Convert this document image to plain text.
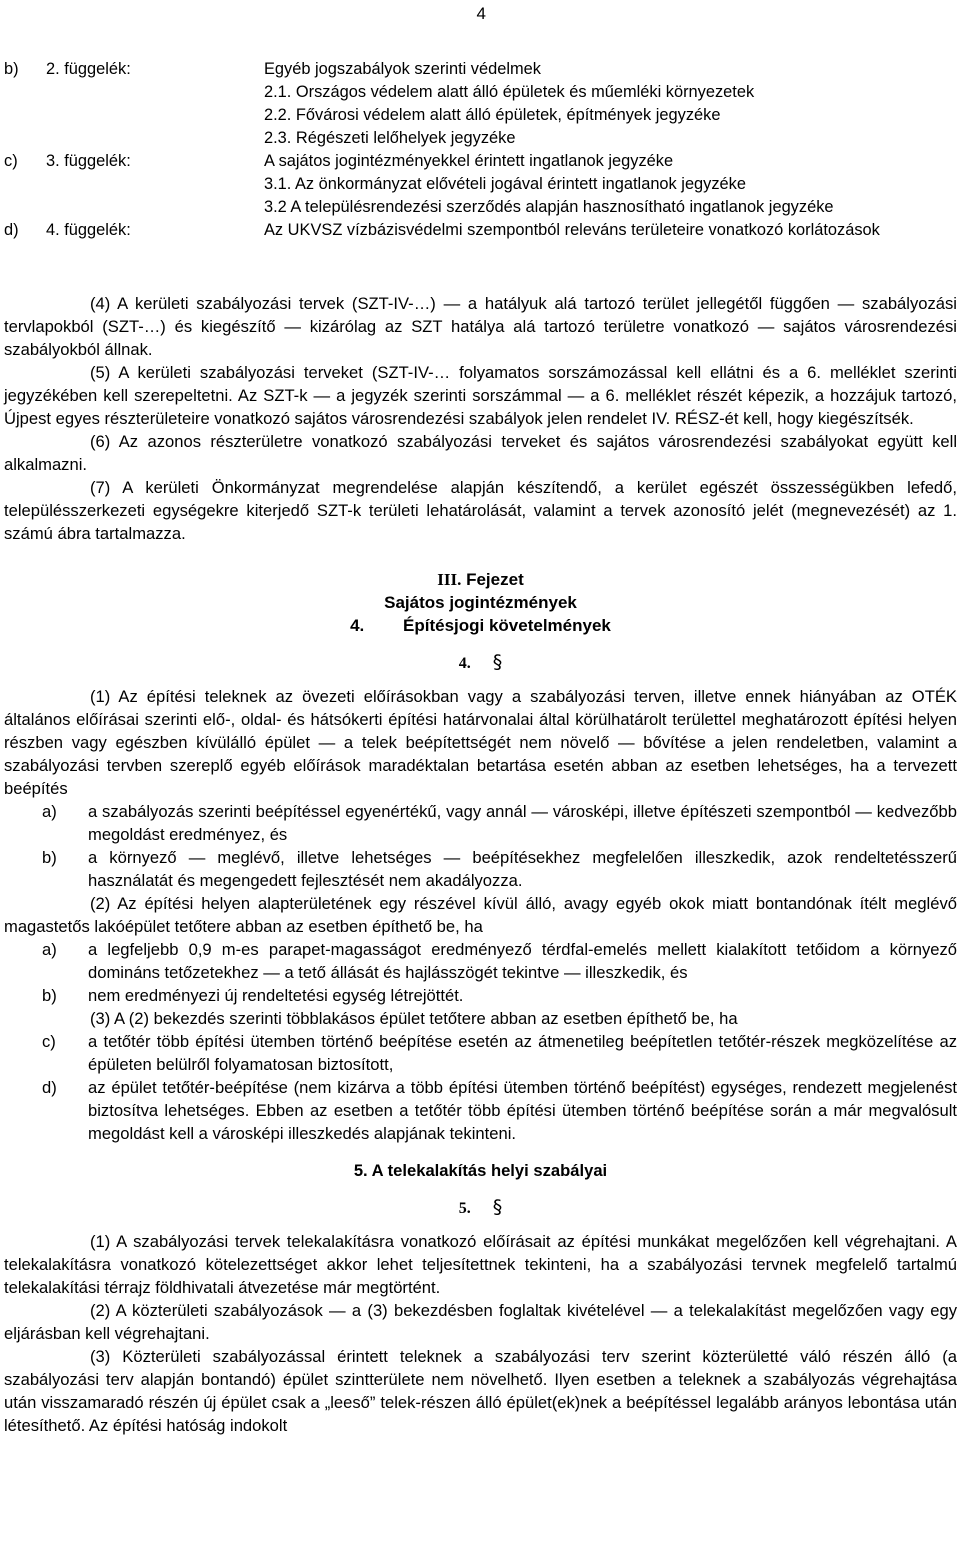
4
b)	2. függelék:	Egyéb jogszabályok szerinti védelmek
2.1. Országos védelem alatt álló épületek és műemléki környezetek
2.2. Fővárosi védelem alatt álló épületek, építmények jegyzéke
2.3. Régészeti lelőhelyek jegyzéke
c)	3. függelék:	A sajátos jogintézményekkel érintett ingatlanok jegyzéke
3.1. Az önkormányzat elővételi jogával érintett ingatlanok jegyzéke
3.2 A településrendezési szerződés alapján hasznosítható ingatlanok jegyzéke
d)	4. függelék:	Az UKVSZ vízbázisvédelmi szempontból releváns területeire vonatkozó korlátozások

(4) A kerületi szabályozási tervek (SZT-IV-…) — a hatályuk alá tartozó terület jellegétől függően — szabályozási tervlapokból (SZT-…) és kiegészítő — kizárólag az SZT hatálya alá tartozó területre vonatkozó — sajátos városrendezési szabályokból állnak.

(5) A kerületi szabályozási terveket (SZT-IV-… folyamatos sorszámozással kell ellátni és a 6. melléklet szerinti jegyzékében kell szerepeltetni. Az SZT-k — a jegyzék szerinti sorszámmal — a 6. melléklet részét képezik, a hozzájuk tartozó, Újpest egyes részterületeire vonatkozó sajátos városrendezési szabályok jelen rendelet IV. RÉSZ-ét kell, hogy kiegészítsék.

(6) Az azonos részterületre vonatkozó szabályozási terveket és sajátos városrendezési szabályokat együtt kell alkalmazni.

(7) A kerületi Önkormányzat megrendelése alapján készítendő, a kerület egészét összességükben lefedő, településszerkezeti egységekre kiterjedő SZT-k területi lehatárolását, valamint a tervek azonosító jelét (megnevezését) az 1. számú ábra tartalmazza.

III. Fejezet
Sajátos jogintézmények
4. Építésjogi követelmények
4. §

(1) Az építési teleknek az övezeti előírásokban vagy a szabályozási terven, illetve ennek hiányában az OTÉK általános előírásai szerinti elő-, oldal- és hátsókerti építési határvonalai által körülhatárolt területtel meghatározott építési helyen részben vagy egészben kívülálló épület — a telek beépítettségét nem növelő — bővítése a jelen rendeletben, valamint a szabályozási tervben szereplő egyéb előírások maradéktalan betartása esetén abban az esetben lehetséges, ha a tervezett beépítés

a)	a szabályozás szerinti beépítéssel egyenértékű, vagy annál — városképi, illetve építészeti szempontból — kedvezőbb megoldást eredményez, és
b)	a környező — meglévő, illetve lehetséges — beépítésekhez megfelelően illeszkedik, azok rendeltetésszerű használatát és megengedett fejlesztését nem akadályozza.

(2) Az építési helyen alapterületének egy részével kívül álló, avagy egyéb okok miatt bontandónak ítélt meglévő magastetős lakóépület tetőtere abban az esetben építhető be, ha

a)	a legfeljebb 0,9 m-es parapet-magasságot eredményező térdfal-emelés mellett kialakított tetőidom a környező domináns tetőzetekhez — a tető állását és hajlásszögét tekintve — illeszkedik, és
b)	nem eredményezi új rendeltetési egység létrejöttét.

(3) A (2) bekezdés szerinti többlakásos épület tetőtere abban az esetben építhető be, ha

c)	a tetőtér több építési ütemben történő beépítése esetén az átmenetileg beépítetlen tetőtér-részek megközelítése az épületen belülről folyamatosan biztosított,
d)	az épület tetőtér-beépítése (nem kizárva a több építési ütemben történő beépítést) egységes, rendezett megjelenést biztosítva lehetséges. Ebben az esetben a tetőtér több építési ütemben történő beépítése során a már megvalósult megoldást kell a városképi illeszkedés alapjának tekinteni.
5. A telekalakítás helyi szabályai
5. §

(1) A szabályozási tervek telekalakításra vonatkozó előírásait az építési munkákat megelőzően kell végrehajtani. A telekalakításra vonatkozó kötelezettséget akkor lehet teljesítettnek tekinteni, ha a szabályozási tervnek megfelelő tartalmú telekalakítási térrajz földhivatali átvezetése már megtörtént.

(2) A közterületi szabályozások — a (3) bekezdésben foglaltak kivételével — a telekalakítást megelőzően vagy egy eljárásban kell végrehajtani.

(3) Közterületi szabályozással érintett teleknek a szabályozási terv szerint közterületté váló részén álló (a szabályozási terv alapján bontandó) épület szintterülete nem növelhető. Ilyen esetben a teleknek a szabályozás végrehajtása után visszamaradó részén új épület csak a „leeső” telek-részen álló épület(ek)nek a beépítéssel legalább arányos lebontása után létesíthető. Az építési hatóság indokolt
